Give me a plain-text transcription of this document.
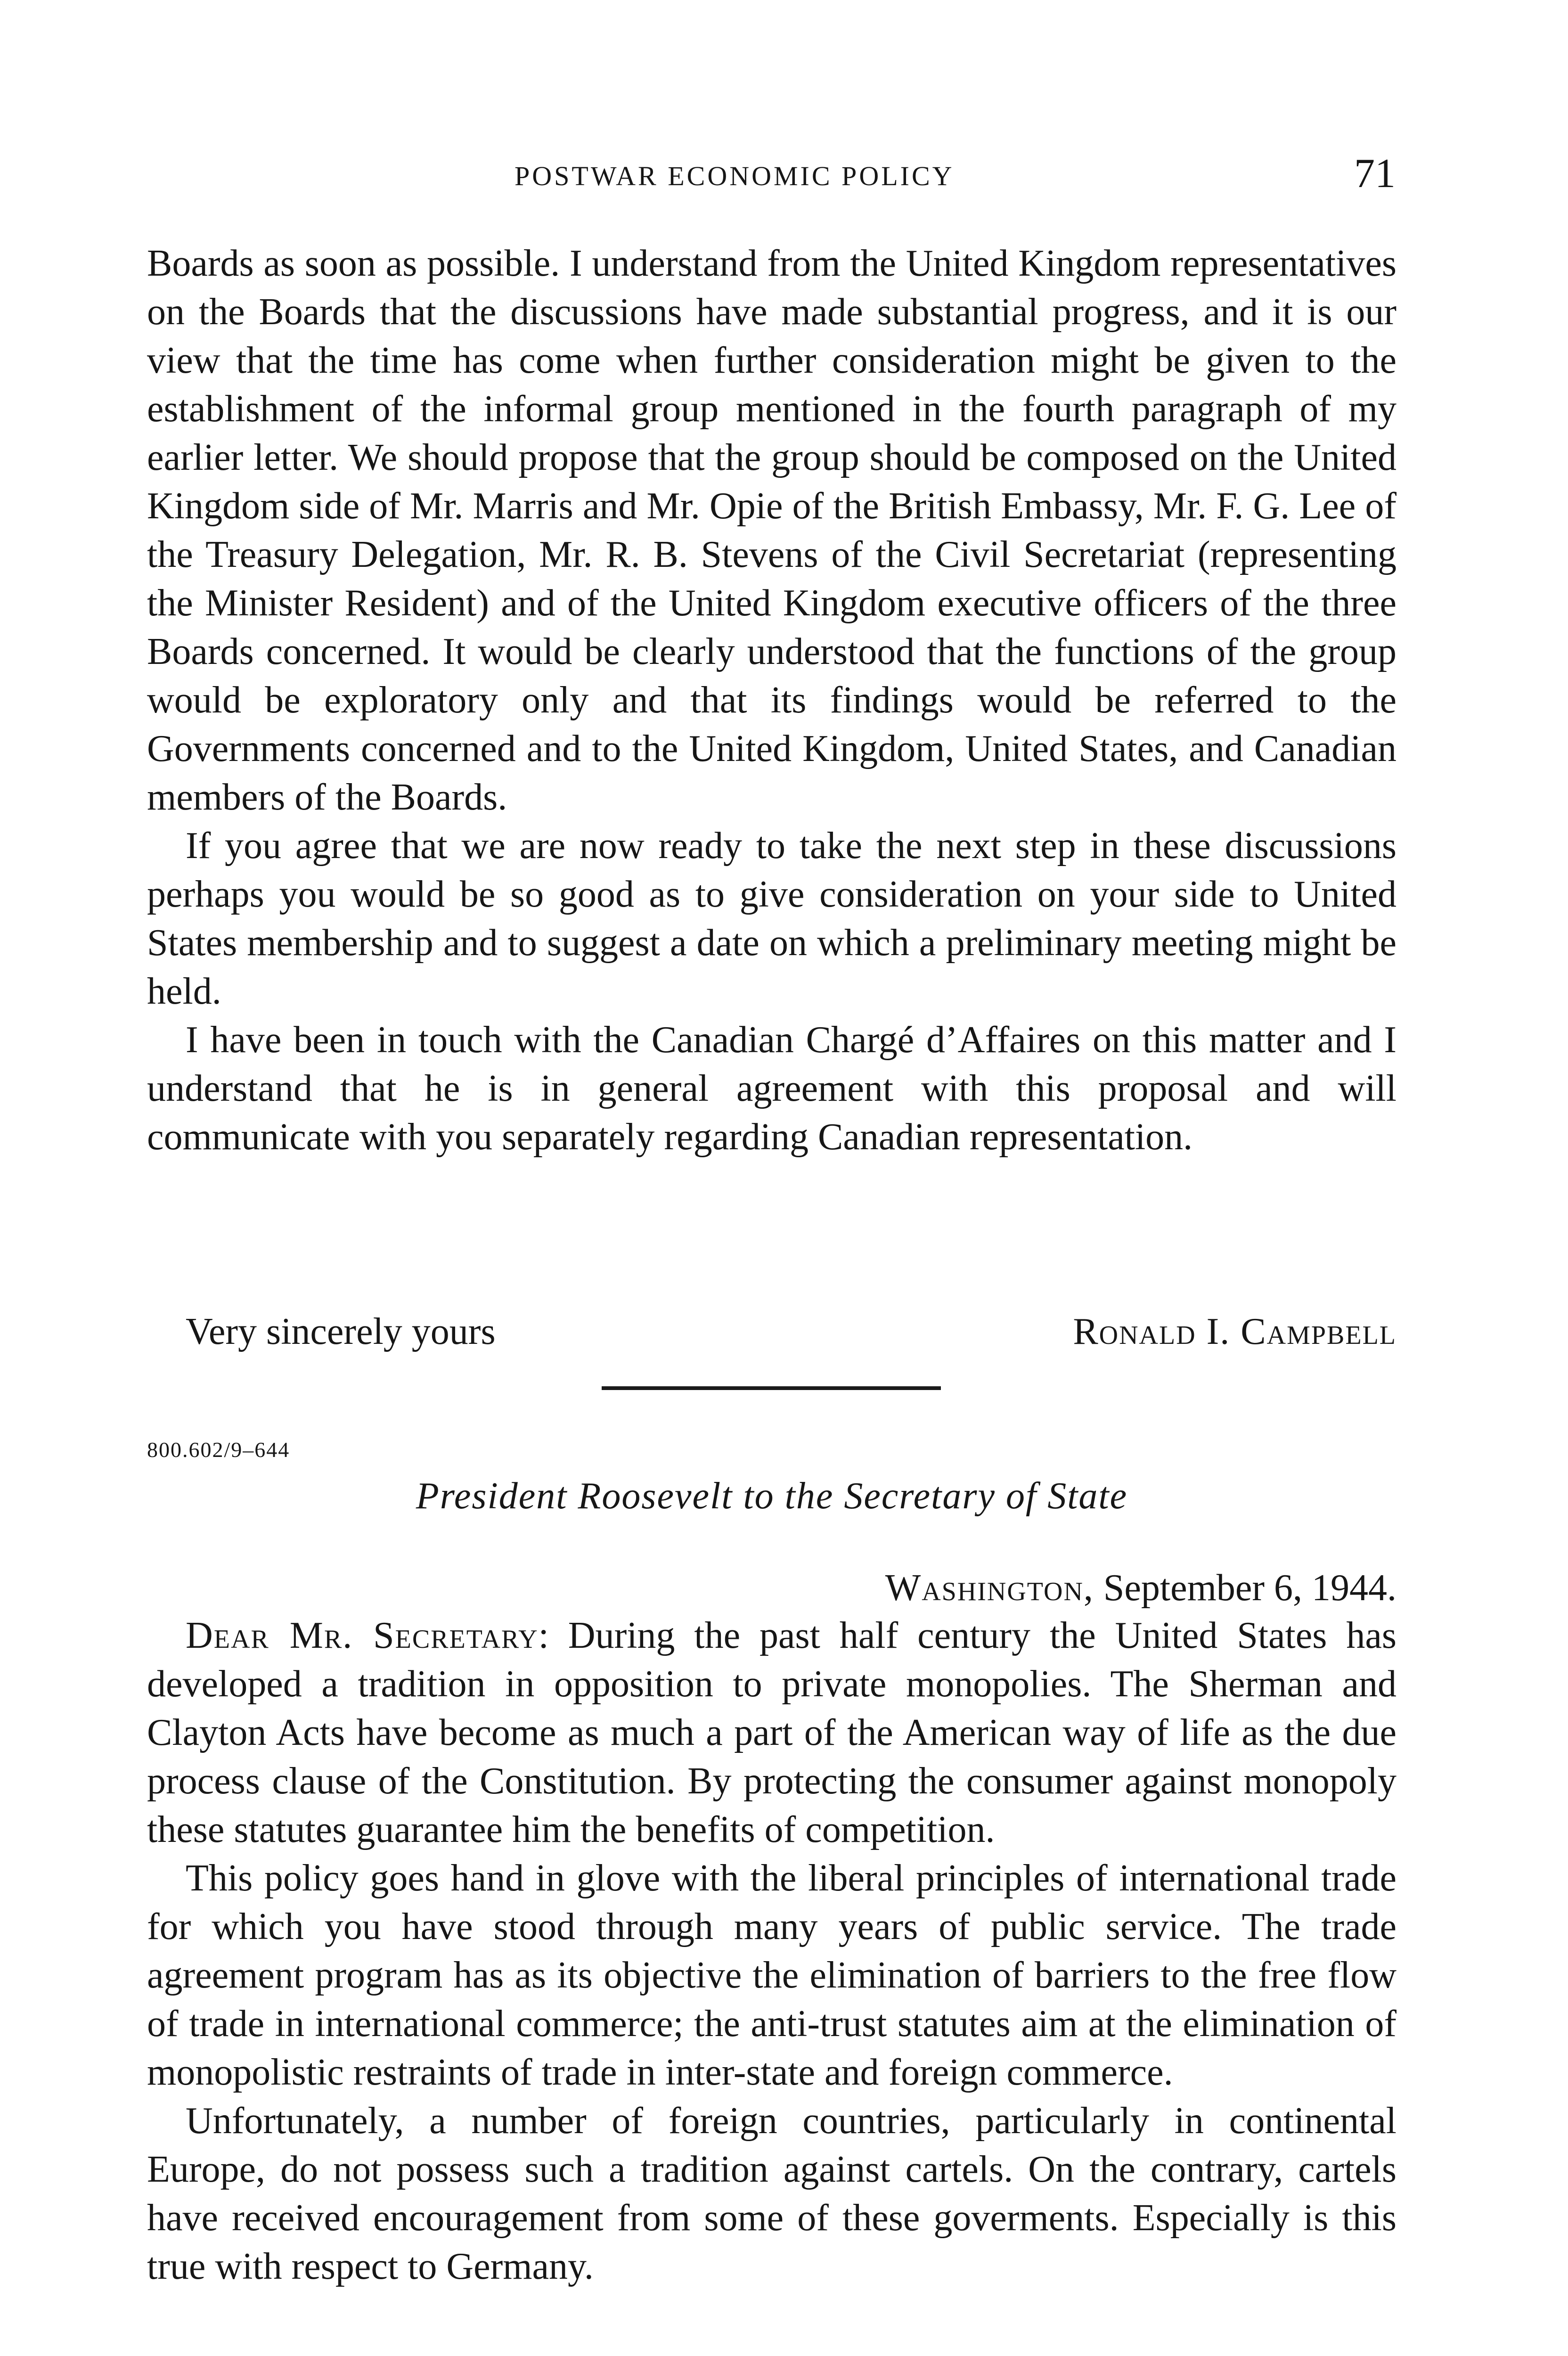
POSTWAR ECONOMIC POLICY	71

Boards as soon as possible. I understand from the United Kingdom representatives on the Boards that the discussions have made substantial progress, and it is our view that the time has come when further consideration might be given to the establishment of the informal group mentioned in the fourth paragraph of my earlier letter. We should propose that the group should be composed on the United Kingdom side of Mr. Marris and Mr. Opie of the British Embassy, Mr. F. G. Lee of the Treasury Delegation, Mr. R. B. Stevens of the Civil Secretariat (representing the Minister Resident) and of the United Kingdom executive officers of the three Boards concerned. It would be clearly understood that the functions of the group would be exploratory only and that its findings would be referred to the Governments concerned and to the United Kingdom, United States, and Canadian members of the Boards.

If you agree that we are now ready to take the next step in these discussions perhaps you would be so good as to give consideration on your side to United States membership and to suggest a date on which a preliminary meeting might be held.

I have been in touch with the Canadian Chargé d’Affaires on this matter and I understand that he is in general agreement with this proposal and will communicate with you separately regarding Canadian representation.

Very sincerely yours	Ronald I. Campbell
800.602/9–644
President Roosevelt to the Secretary of State
Washington, September 6, 1944.

Dear Mr. Secretary: During the past half century the United States has developed a tradition in opposition to private monopolies. The Sherman and Clayton Acts have become as much a part of the American way of life as the due process clause of the Constitution. By protecting the consumer against monopoly these statutes guarantee him the benefits of competition.

This policy goes hand in glove with the liberal principles of international trade for which you have stood through many years of public service. The trade agreement program has as its objective the elimination of barriers to the free flow of trade in international commerce; the anti-trust statutes aim at the elimination of monopolistic restraints of trade in inter-state and foreign commerce.

Unfortunately, a number of foreign countries, particularly in continental Europe, do not possess such a tradition against cartels. On the contrary, cartels have received encouragement from some of these goverments. Especially is this true with respect to Germany.
